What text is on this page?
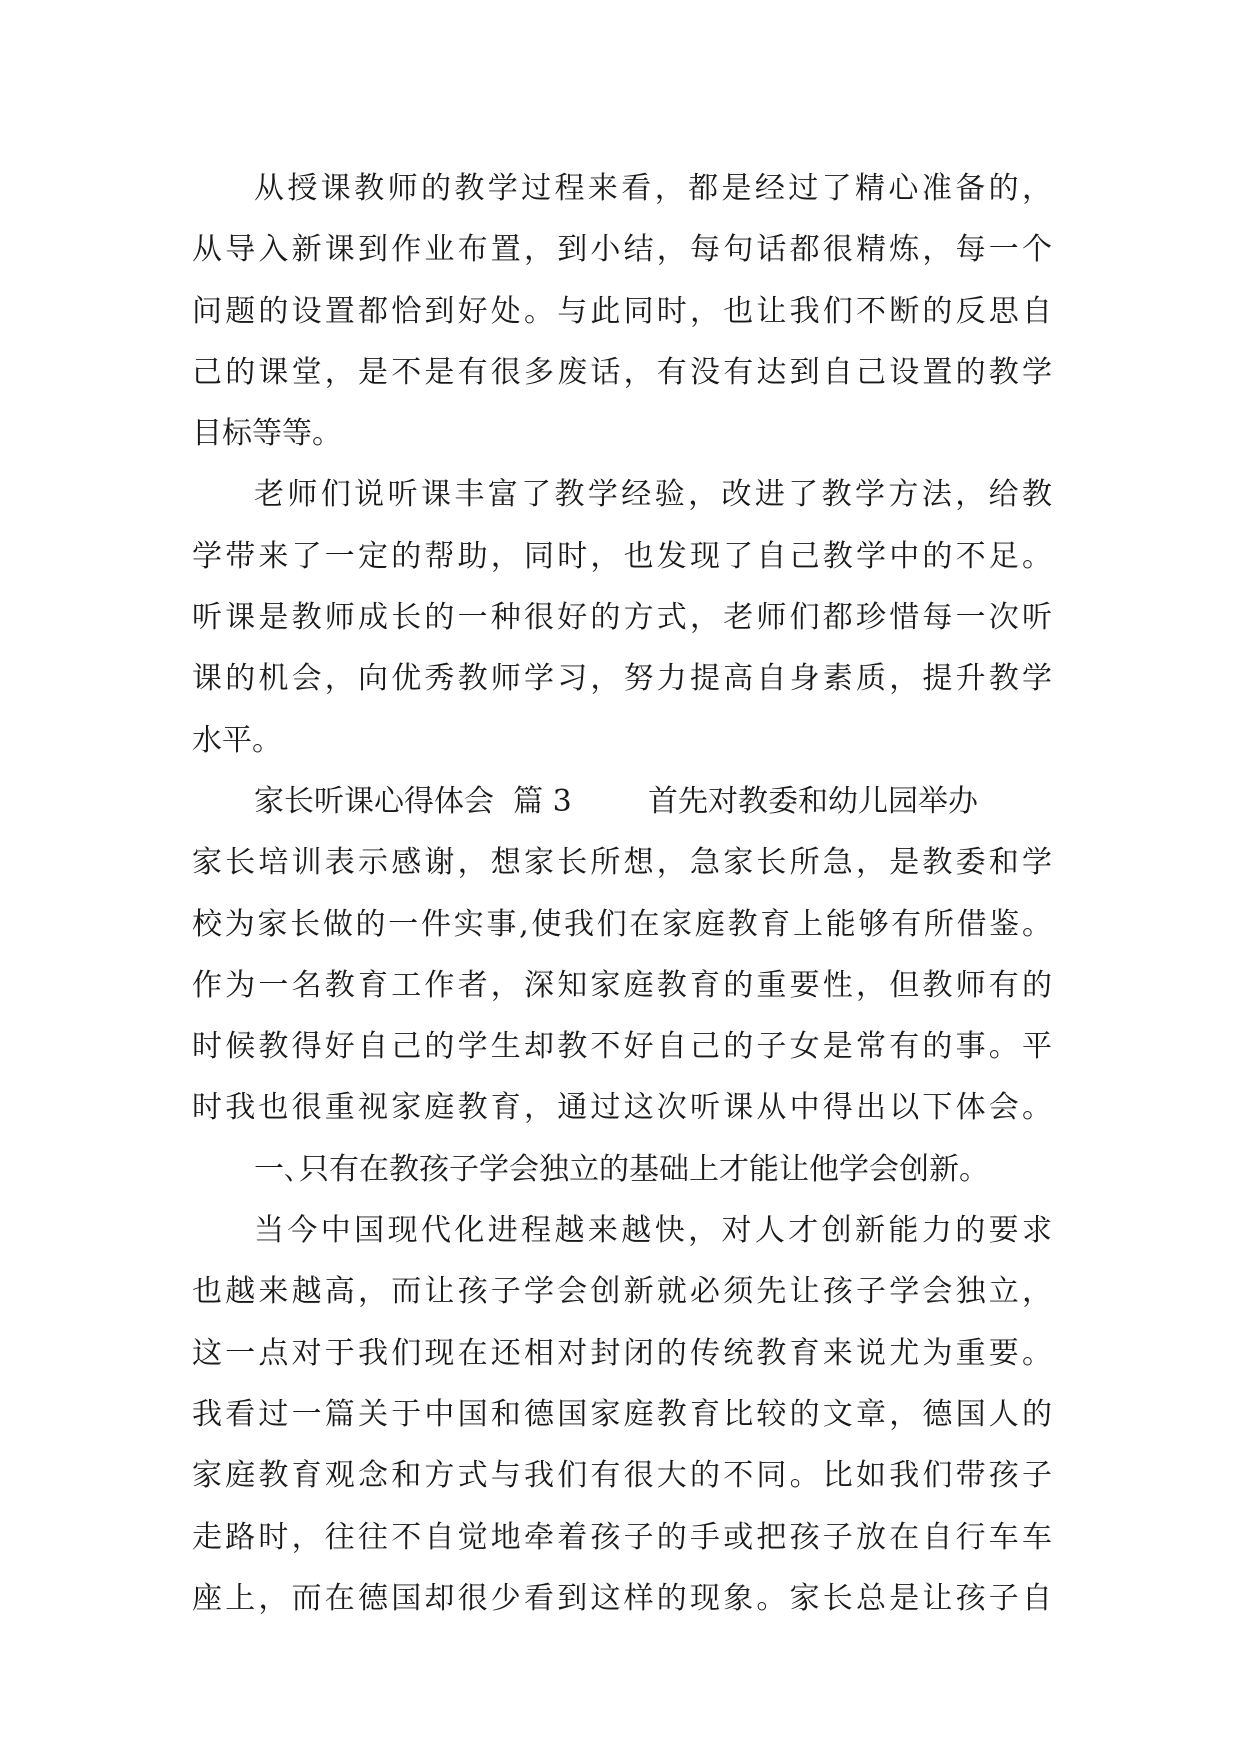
从授课教师的教学过程来看，都是经过了精心准备的，
从导入新课到作业布置，到小结，每句话都很精炼，每一个
问题的设置都恰到好处。与此同时，也让我们不断的反思自
己的课堂，是不是有很多废话，有没有达到自己设置的教学
目标等等。
老师们说听课丰富了教学经验，改进了教学方法，给教
学带来了一定的帮助，同时，也发现了自己教学中的不足。
听课是教师成长的一种很好的方式，老师们都珍惜每一次听
课的机会，向优秀教师学习，努力提高自身素质，提升教学
水平。
家长听课心得体会  篇 3        首先对教委和幼儿园举办
家长培训表示感谢，想家长所想，急家长所急，是教委和学
校为家长做的一件实事,使我们在家庭教育上能够有所借鉴。
作为一名教育工作者，深知家庭教育的重要性，但教师有的
时候教得好自己的学生却教不好自己的子女是常有的事。平
时我也很重视家庭教育，通过这次听课从中得出以下体会。
一､只有在教孩子学会独立的基础上才能让他学会创新。
当今中国现代化进程越来越快，对人才创新能力的要求
也越来越高，而让孩子学会创新就必须先让孩子学会独立，
这一点对于我们现在还相对封闭的传统教育来说尤为重要。
我看过一篇关于中国和德国家庭教育比较的文章，德国人的
家庭教育观念和方式与我们有很大的不同。比如我们带孩子
走路时，往往不自觉地牵着孩子的手或把孩子放在自行车车
座上，而在德国却很少看到这样的现象。家长总是让孩子自
